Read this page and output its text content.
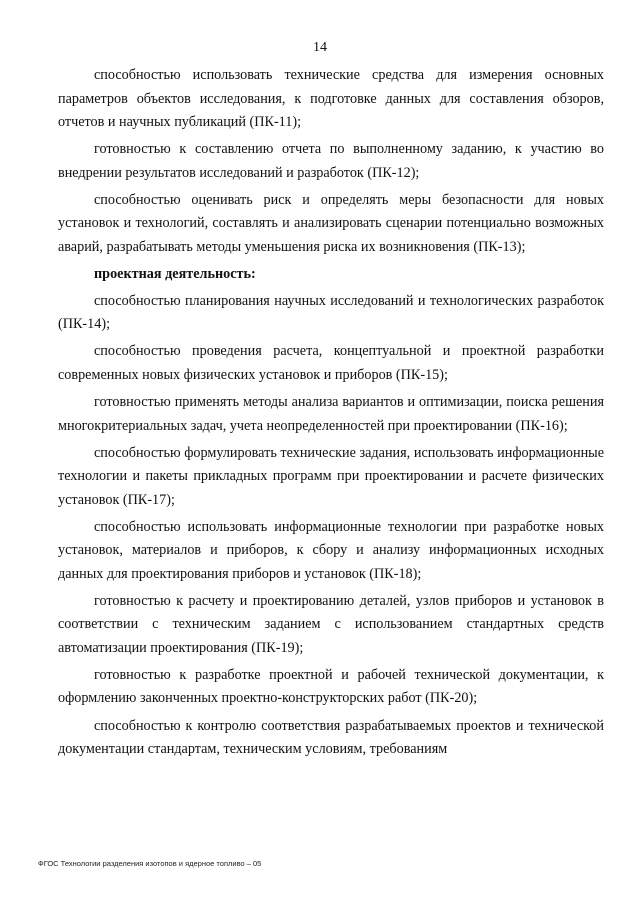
14

способностью использовать технические средства для измерения основных параметров объектов исследования, к подготовке данных для составления обзоров, отчетов и научных публикаций (ПК-11);

готовностью к составлению отчета по выполненному заданию, к участию во внедрении результатов исследований и разработок (ПК-12);

способностью оценивать риск и определять меры безопасности для новых установок и технологий, составлять и анализировать сценарии потенциально возможных аварий, разрабатывать методы уменьшения риска их возникновения (ПК-13);

проектная деятельность:

способностью планирования научных исследований и технологических разработок (ПК-14);

способностью проведения расчета, концептуальной и проектной разработки современных новых физических установок и приборов (ПК-15);

готовностью применять методы анализа вариантов и оптимизации, поиска решения многокритериальных задач, учета неопределенностей при проектировании (ПК-16);

способностью формулировать технические задания, использовать информационные технологии и пакеты прикладных программ при проектировании и расчете физических установок (ПК-17);

способностью использовать информационные технологии при разработке новых установок, материалов и приборов, к сбору и анализу информационных исходных данных для проектирования приборов и установок (ПК-18);

готовностью к расчету и проектированию деталей, узлов приборов и установок в соответствии с техническим заданием с использованием стандартных средств автоматизации проектирования (ПК-19);

готовностью к разработке проектной и рабочей технической документации, к оформлению законченных проектно-конструкторских работ (ПК-20);

способностью к контролю соответствия разрабатываемых проектов и технической документации стандартам, техническим условиям, требованиям

ФГОС Технологии разделения изотопов и ядерное топливо – 05
